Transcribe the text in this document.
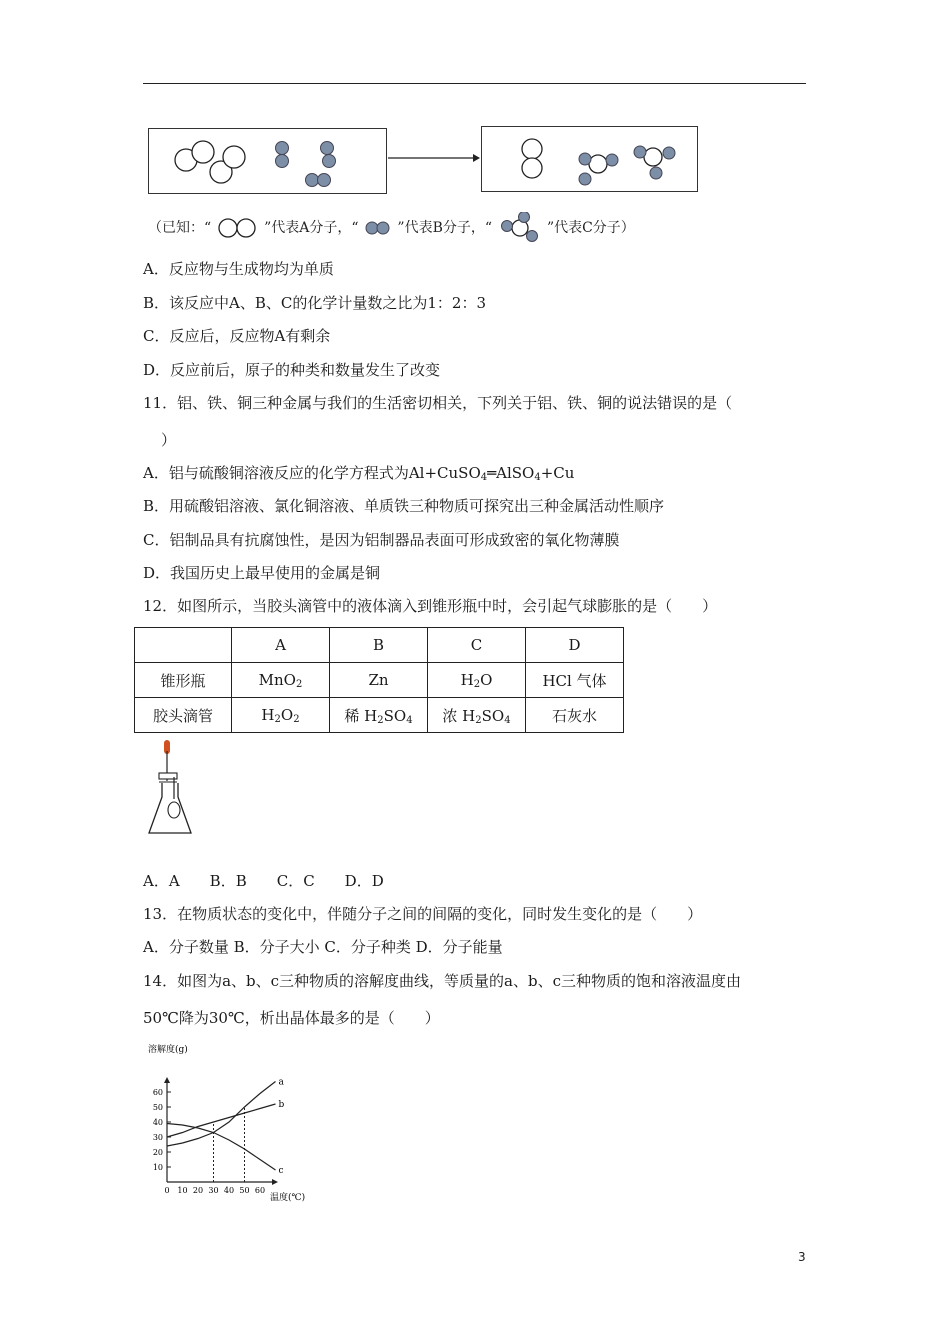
（已知：“	”代表A分子，“	”代表B分子，“	”代表C分子）
A．反应物与生成物均为单质
B．该反应中A、B、C的化学计量数之比为1：2：3
C．反应后，反应物A有剩余
D．反应前后，原子的种类和数量发生了改变
11．铝、铁、铜三种金属与我们的生活密切相关，下列关于铝、铁、铜的说法错误的是（
）
A．铝与硫酸铜溶液反应的化学方程式为Al+CuSO$_4$═AlSO$_4$+Cu
B．用硫酸铝溶液、氯化铜溶液、单质铁三种物质可探究出三种金属活动性顺序
C．铝制品具有抗腐蚀性，是因为铝制器品表面可形成致密的氧化物薄膜
D．我国历史上最早使用的金属是铜
12．如图所示，当胶头滴管中的液体滴入到锥形瓶中时，会引起气球膨胀的是（　　）
	A	B	C	D
锥形瓶	MnO$_2$	Zn	$H_2O$	HCl 气体
胶头滴管	$H_2O_2$	稀 $H_2SO_4$	浓 $H_2SO_4$	石灰水
A．A　　B．B　　C．C　　D．D
13．在物质状态的变化中，伴随分子之间的间隔的变化，同时发生变化的是（　　）
A．分子数量 B．分子大小 C．分子种类 D．分子能量
14．如图为a、b、c三种物质的溶解度曲线，等质量的a、b、c三种物质的饱和溶液温度由
50℃降为30℃，析出晶体最多的是（　　）
溶解度(g)
温度(℃)
10
20
30
40
50
60
0 10 20 30 40 50 60
a
b
c
3
